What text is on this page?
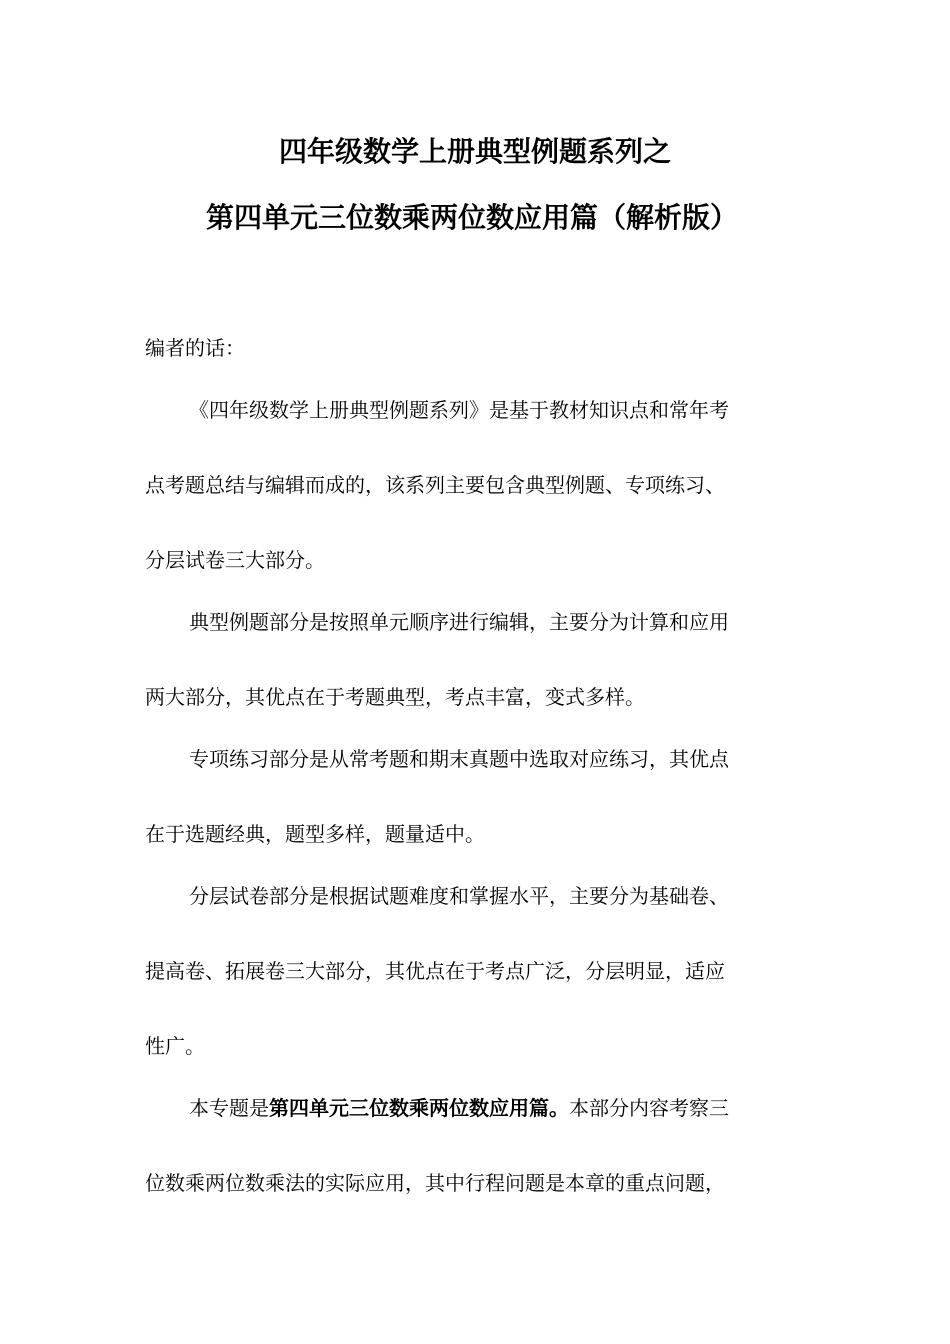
四年级数学上册典型例题系列之
第四单元三位数乘两位数应用篇（解析版）

编者的话：

《四年级数学上册典型例题系列》是基于教材知识点和常年考

点考题总结与编辑而成的，该系列主要包含典型例题、专项练习、

分层试卷三大部分。

典型例题部分是按照单元顺序进行编辑，主要分为计算和应用

两大部分，其优点在于考题典型，考点丰富，变式多样。

专项练习部分是从常考题和期末真题中选取对应练习，其优点

在于选题经典，题型多样，题量适中。

分层试卷部分是根据试题难度和掌握水平，主要分为基础卷、

提高卷、拓展卷三大部分，其优点在于考点广泛，分层明显，适应

性广。

本专题是第四单元三位数乘两位数应用篇。本部分内容考察三

位数乘两位数乘法的实际应用，其中行程问题是本章的重点问题，
